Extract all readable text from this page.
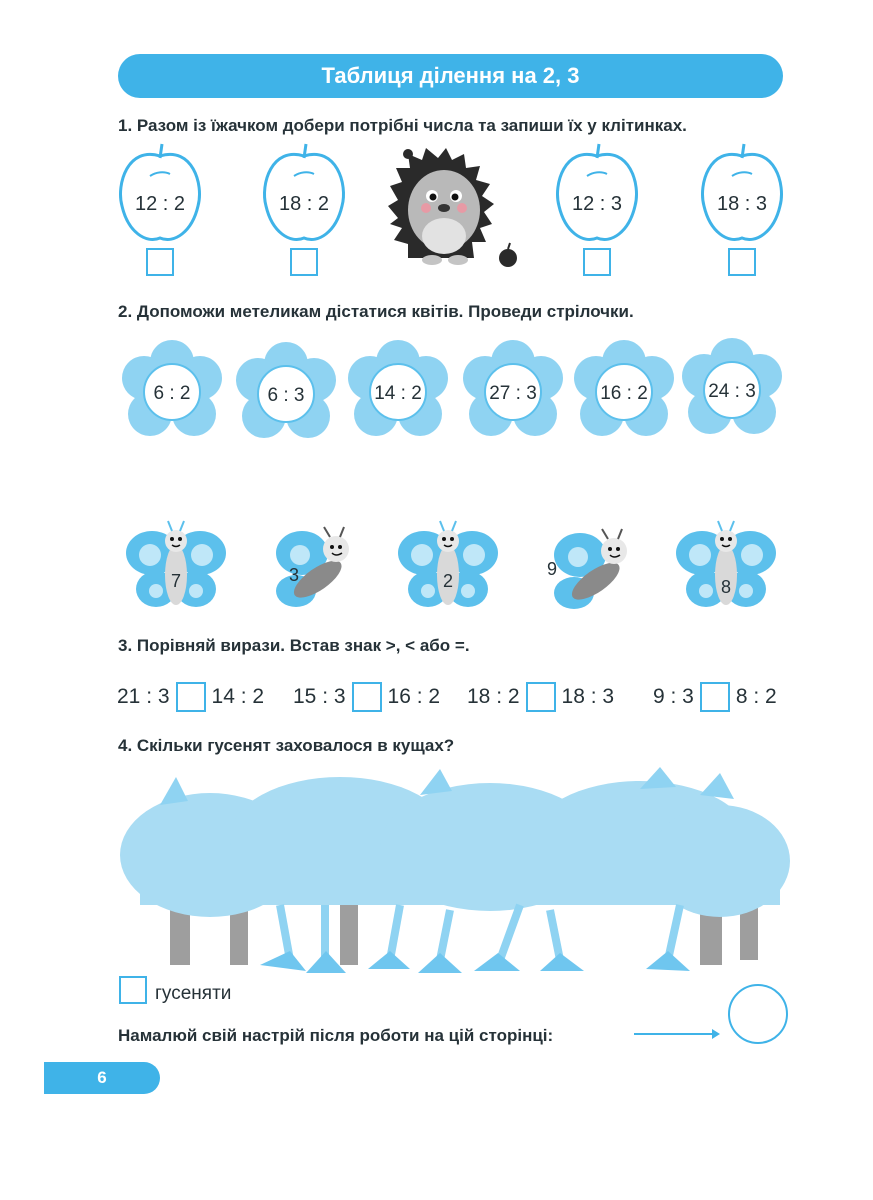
Таблиця ділення на 2, 3
1. Разом із їжачком добери потрібні числа та запиши їх у клітинках.
12 : 2	18 : 2	12 : 3	18 : 3
2. Допоможи метеликам дістатися квітів. Проведи стрілочки.
6 : 2	6 : 3	14 : 2	27 : 3	16 : 2	24 : 3
7	3	2
9
8
3. Порівняй вирази. Встав знак >, < або =.
21 : 3 14 : 2 15 : 3 16 : 2 18 : 2 18 : 3 9 : 3 8 : 2
4. Скільки гусенят заховалося в кущах?
гусеняти
Намалюй свій настрій після роботи на цій сторінці:
6
